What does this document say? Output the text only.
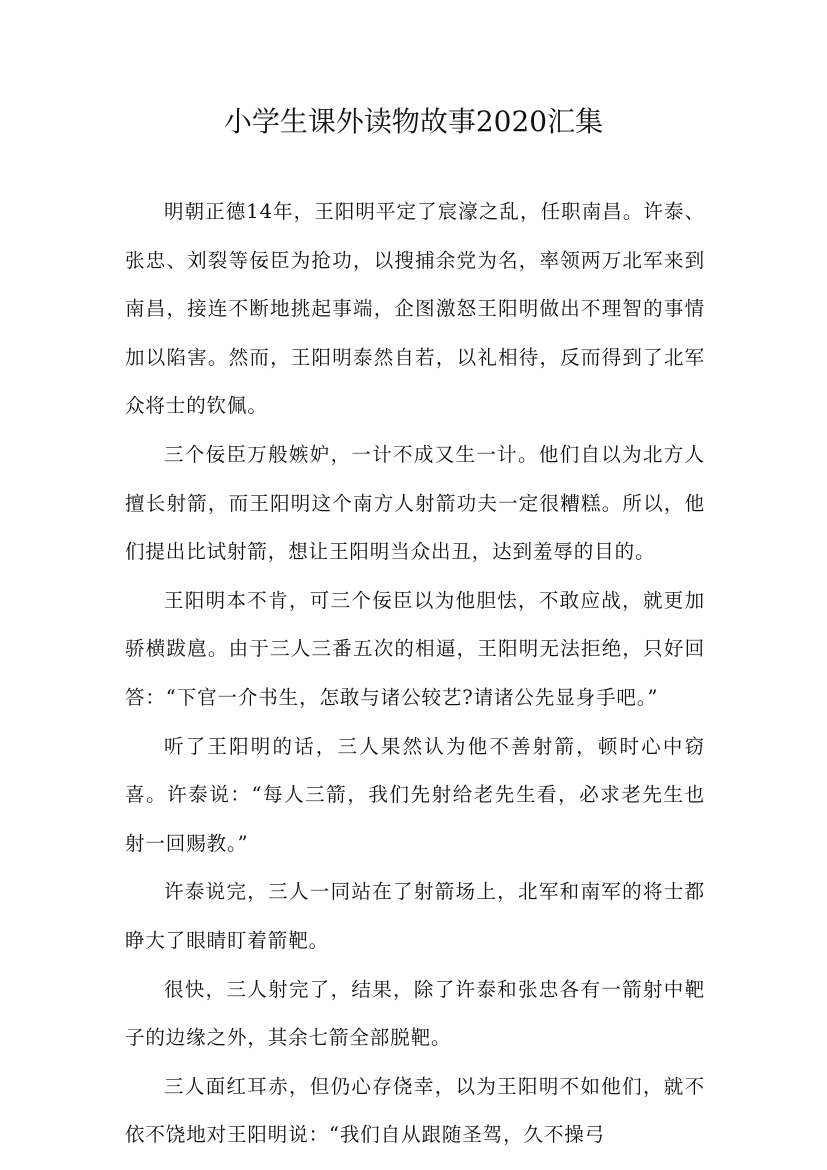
小学生课外读物故事2020汇集

明朝正德14年，王阳明平定了宸濠之乱，任职南昌。许泰、张忠、刘裂等佞臣为抢功，以搜捕余党为名，率领两万北军来到南昌，接连不断地挑起事端，企图激怒王阳明做出不理智的事情加以陷害。然而，王阳明泰然自若，以礼相待，反而得到了北军众将士的钦佩。

三个佞臣万般嫉妒，一计不成又生一计。他们自以为北方人擅长射箭，而王阳明这个南方人射箭功夫一定很糟糕。所以，他们提出比试射箭，想让王阳明当众出丑，达到羞辱的目的。

王阳明本不肯，可三个佞臣以为他胆怯，不敢应战，就更加骄横跋扈。由于三人三番五次的相逼，王阳明无法拒绝，只好回答：“下官一介书生，怎敢与诸公较艺?请诸公先显身手吧。”

听了王阳明的话，三人果然认为他不善射箭，顿时心中窃喜。许泰说：“每人三箭，我们先射给老先生看，必求老先生也射一回赐教。”

许泰说完，三人一同站在了射箭场上，北军和南军的将士都睁大了眼睛盯着箭靶。

很快，三人射完了，结果，除了许泰和张忠各有一箭射中靶子的边缘之外，其余七箭全部脱靶。

三人面红耳赤，但仍心存侥幸，以为王阳明不如他们，就不依不饶地对王阳明说：“我们自从跟随圣驾，久不操弓
